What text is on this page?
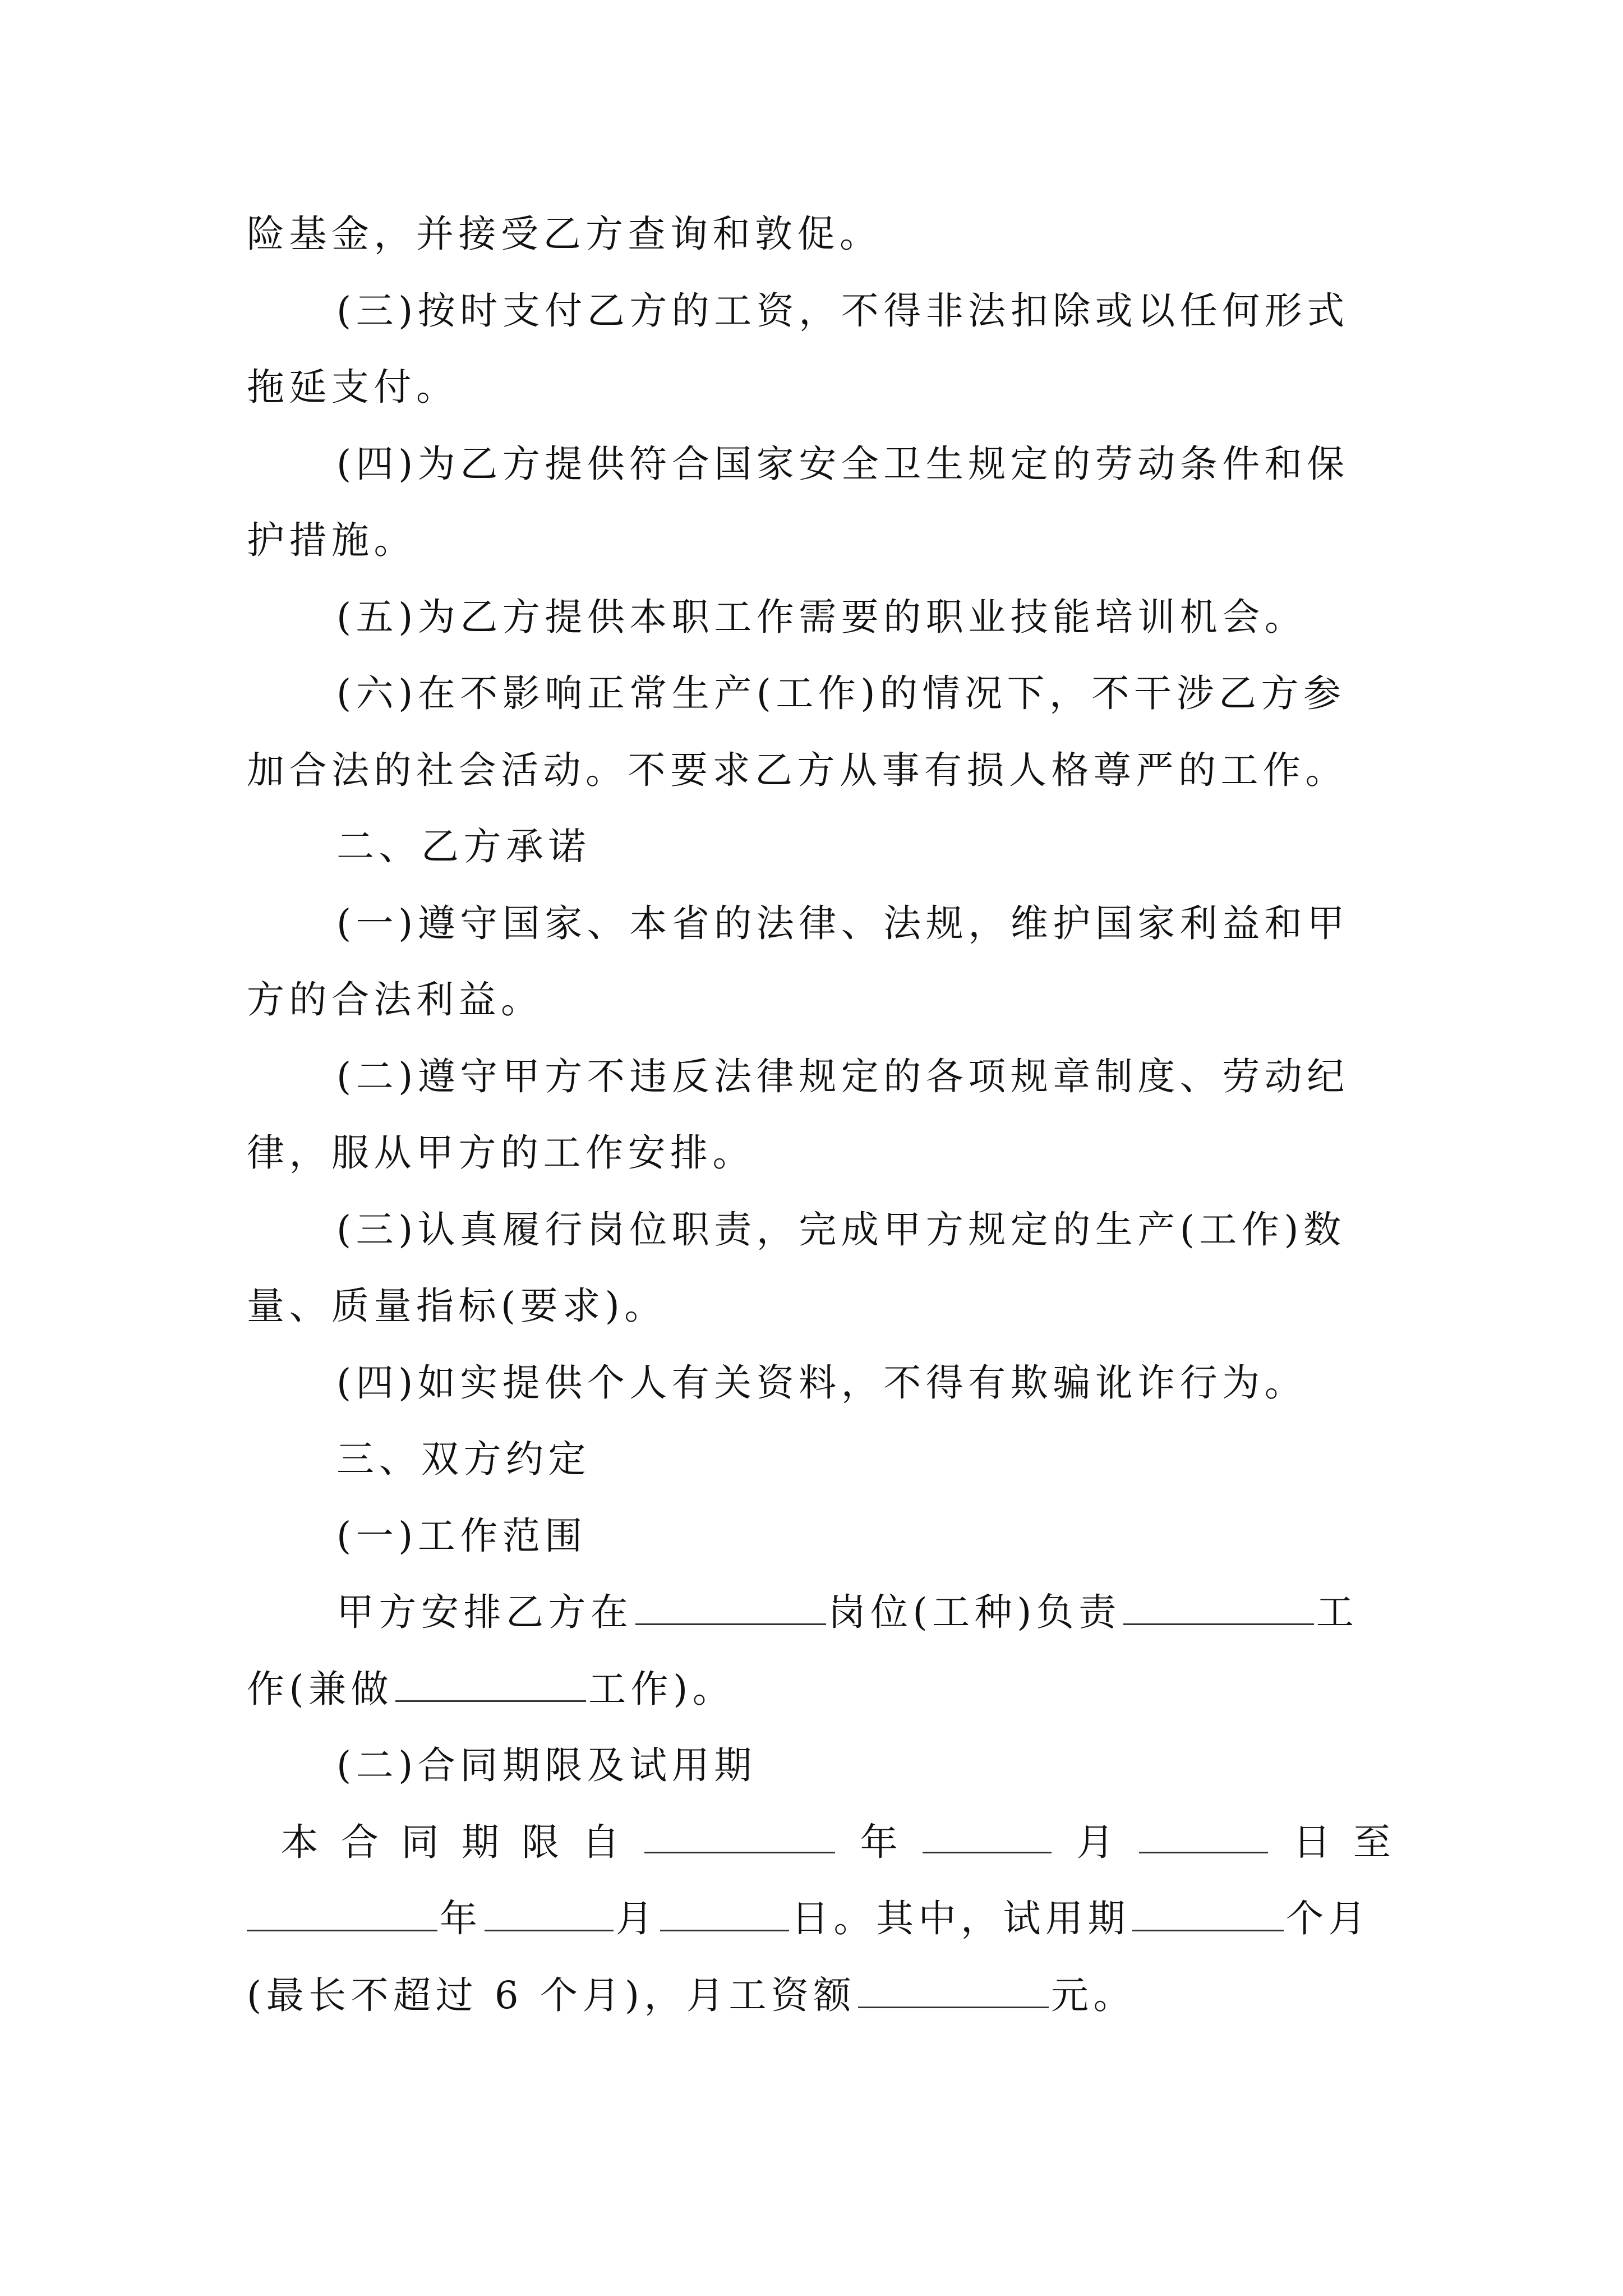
险基金，并接受乙方查询和敦促。
(三)按时支付乙方的工资，不得非法扣除或以任何形式
拖延支付。
(四)为乙方提供符合国家安全卫生规定的劳动条件和保
护措施。
(五)为乙方提供本职工作需要的职业技能培训机会。
(六)在不影响正常生产(工作)的情况下，不干涉乙方参
加合法的社会活动。不要求乙方从事有损人格尊严的工作。
二、乙方承诺
(一)遵守国家、本省的法律、法规，维护国家利益和甲
方的合法利益。
(二)遵守甲方不违反法律规定的各项规章制度、劳动纪
律，服从甲方的工作安排。
(三)认真履行岗位职责，完成甲方规定的生产(工作)数
量、质量指标(要求)。
(四)如实提供个人有关资料，不得有欺骗讹诈行为。
三、双方约定
(一)工作范围
甲方安排乙方在	岗位(工种)负责	工
作(兼做	工作)。
(二)合同期限及试用期
本 合 同 期 限 自	年	月	日 至
年	月	日。其中，试用期	个月
(最长不超过 6 个月)，月工资额	元。
